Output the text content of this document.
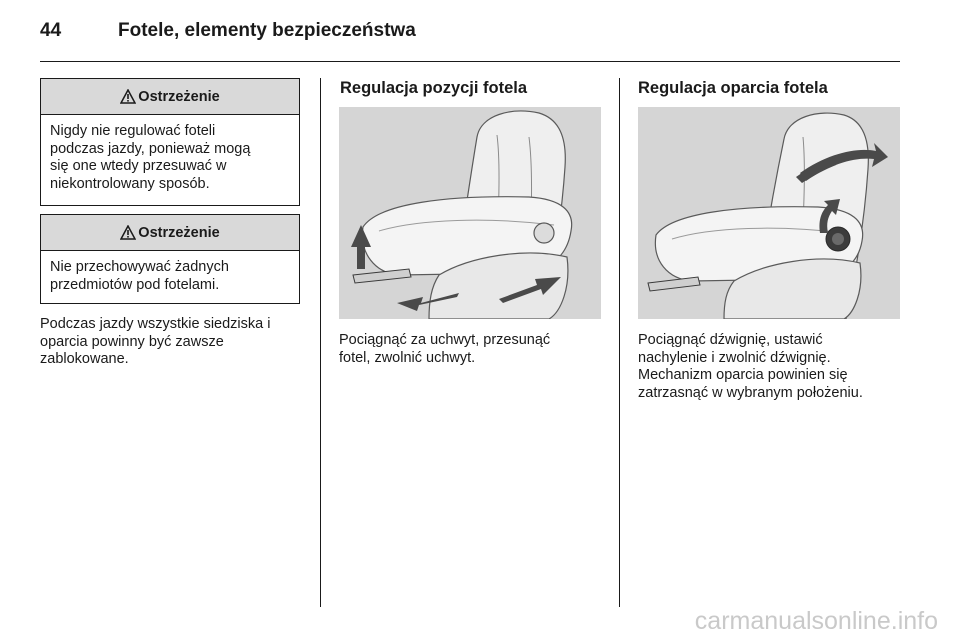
44	Fotele, elementy bezpieczeństwa
Ostrzeżenie
Nigdy nie regulować foteli
podczas jazdy, ponieważ mogą
się one wtedy przesuwać w
niekontrolowany sposób.
Ostrzeżenie
Nie przechowywać żadnych
przedmiotów pod fotelami.
Podczas jazdy wszystkie siedziska i
oparcia powinny być zawsze
zablokowane.
Regulacja pozycji fotela
Pociągnąć za uchwyt, przesunąć
fotel, zwolnić uchwyt.
Regulacja oparcia fotela
Pociągnąć dźwignię, ustawić
nachylenie i zwolnić dźwignię.
Mechanizm oparcia powinien się
zatrzasnąć w wybranym położeniu.
carmanualsonline.info
